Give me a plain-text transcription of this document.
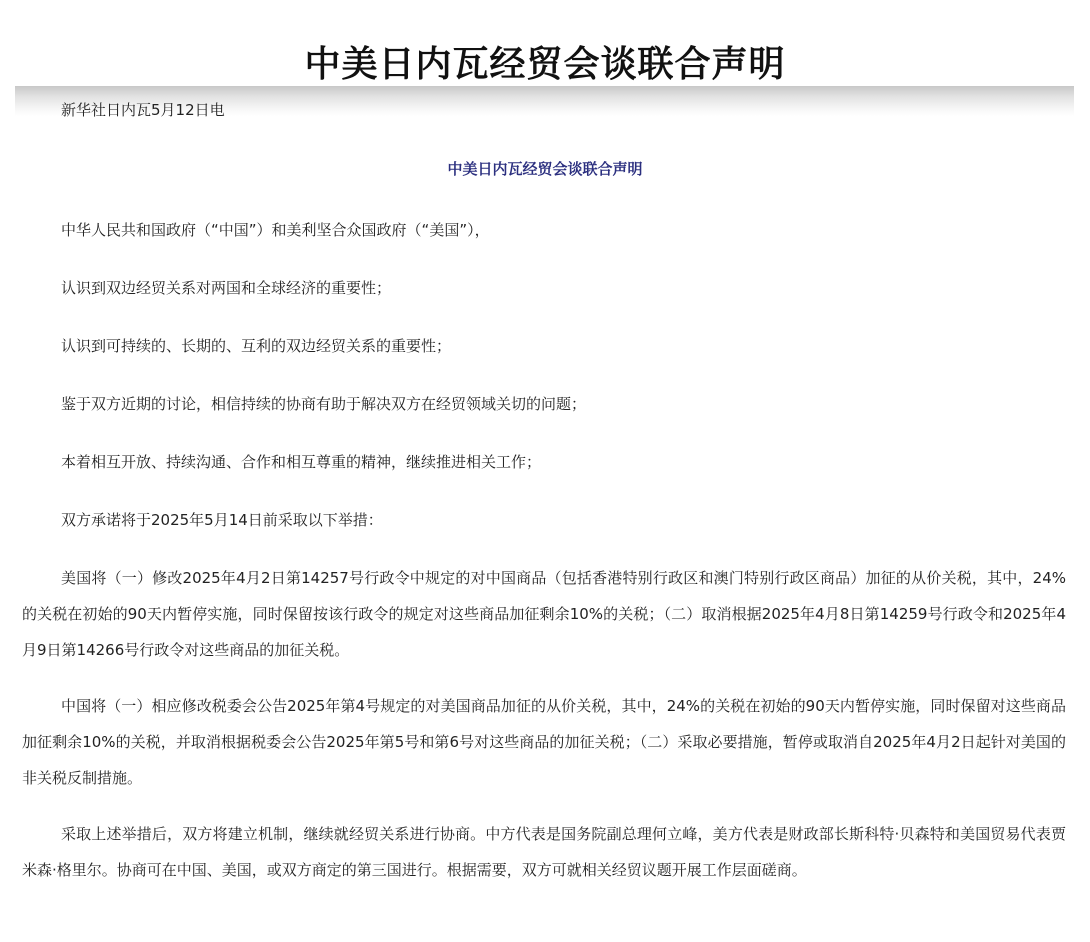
中美日内瓦经贸会谈联合声明
新华社日内瓦5月12日电
中美日内瓦经贸会谈联合声明

中华人民共和国政府（“中国”）和美利坚合众国政府（“美国”），

认识到双边经贸关系对两国和全球经济的重要性；

认识到可持续的、长期的、互利的双边经贸关系的重要性；

鉴于双方近期的讨论，相信持续的协商有助于解决双方在经贸领域关切的问题；

本着相互开放、持续沟通、合作和相互尊重的精神，继续推进相关工作；

双方承诺将于2025年5月14日前采取以下举措：

美国将（一）修改2025年4月2日第14257号行政令中规定的对中国商品（包括香港特别行政区和澳门特别行政区商品）加征的从价关税，其中，24%的关税在初始的90天内暂停实施，同时保留按该行政令的规定对这些商品加征剩余10%的关税；（二）取消根据2025年4月8日第14259号行政令和2025年4月9日第14266号行政令对这些商品的加征关税。

中国将（一）相应修改税委会公告2025年第4号规定的对美国商品加征的从价关税，其中，24%的关税在初始的90天内暂停实施，同时保留对这些商品加征剩余10%的关税，并取消根据税委会公告2025年第5号和第6号对这些商品的加征关税；（二）采取必要措施，暂停或取消自2025年4月2日起针对美国的非关税反制措施。

采取上述举措后，双方将建立机制，继续就经贸关系进行协商。中方代表是国务院副总理何立峰，美方代表是财政部长斯科特·贝森特和美国贸易代表贾米森·格里尔。协商可在中国、美国，或双方商定的第三国进行。根据需要，双方可就相关经贸议题开展工作层面磋商。
